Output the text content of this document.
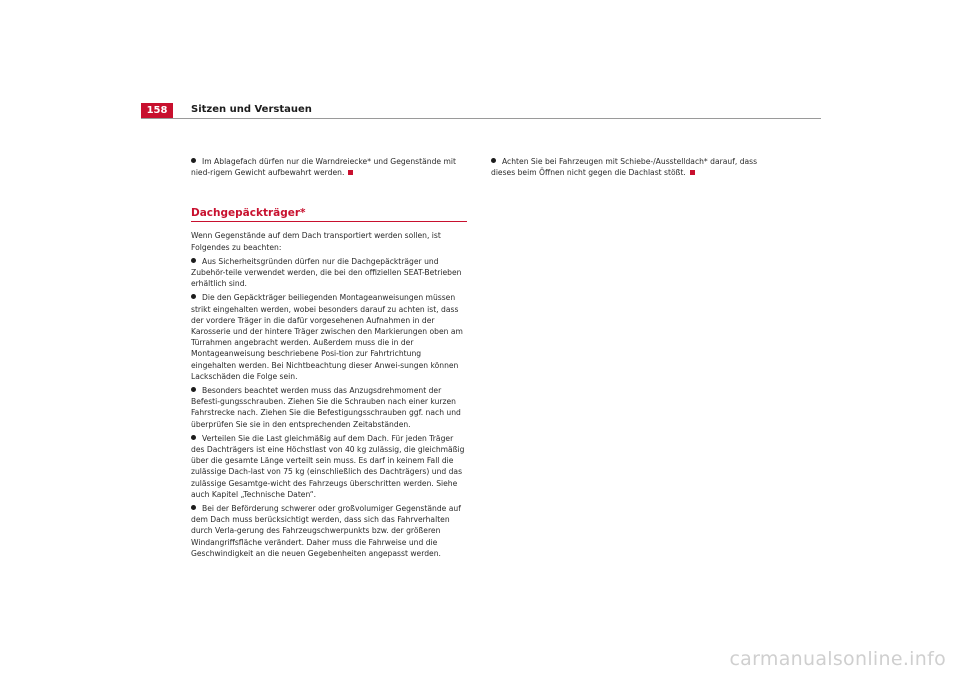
158	Sitzen und Verstauen

Im Ablagefach dürfen nur die Warndreiecke* und Gegenstände mit nied-rigem Gewicht aufbewahrt werden.

Dachgepäckträger*

Wenn Gegenstände auf dem Dach transportiert werden sollen, ist Folgendes zu beachten:

Aus Sicherheitsgründen dürfen nur die Dachgepäckträger und Zubehör-teile verwendet werden, die bei den offiziellen SEAT-Betrieben erhältlich sind.

Die den Gepäckträger beiliegenden Montageanweisungen müssen strikt eingehalten werden, wobei besonders darauf zu achten ist, dass der vordere Träger in die dafür vorgesehenen Aufnahmen in der Karosserie und der hintere Träger zwischen den Markierungen oben am Türrahmen angebracht werden. Außerdem muss die in der Montageanweisung beschriebene Posi-tion zur Fahrtrichtung eingehalten werden. Bei Nichtbeachtung dieser Anwei-sungen können Lackschäden die Folge sein.

Besonders beachtet werden muss das Anzugsdrehmoment der Befesti-gungsschrauben. Ziehen Sie die Schrauben nach einer kurzen Fahrstrecke nach. Ziehen Sie die Befestigungsschrauben ggf. nach und überprüfen Sie sie in den entsprechenden Zeitabständen.

Verteilen Sie die Last gleichmäßig auf dem Dach. Für jeden Träger des Dachträgers ist eine Höchstlast von 40 kg zulässig, die gleichmäßig über die gesamte Länge verteilt sein muss. Es darf in keinem Fall die zulässige Dach-last von 75 kg (einschließlich des Dachträgers) und das zulässige Gesamtge-wicht des Fahrzeugs überschritten werden. Siehe auch Kapitel „Technische Daten“.

Bei der Beförderung schwerer oder großvolumiger Gegenstände auf dem Dach muss berücksichtigt werden, dass sich das Fahrverhalten durch Verla-gerung des Fahrzeugschwerpunkts bzw. der größeren Windangriffsfläche verändert. Daher muss die Fahrweise und die Geschwindigkeit an die neuen Gegebenheiten angepasst werden.

Achten Sie bei Fahrzeugen mit Schiebe-/Ausstelldach* darauf, dass dieses beim Öffnen nicht gegen die Dachlast stößt.

carmanualsonline.info
